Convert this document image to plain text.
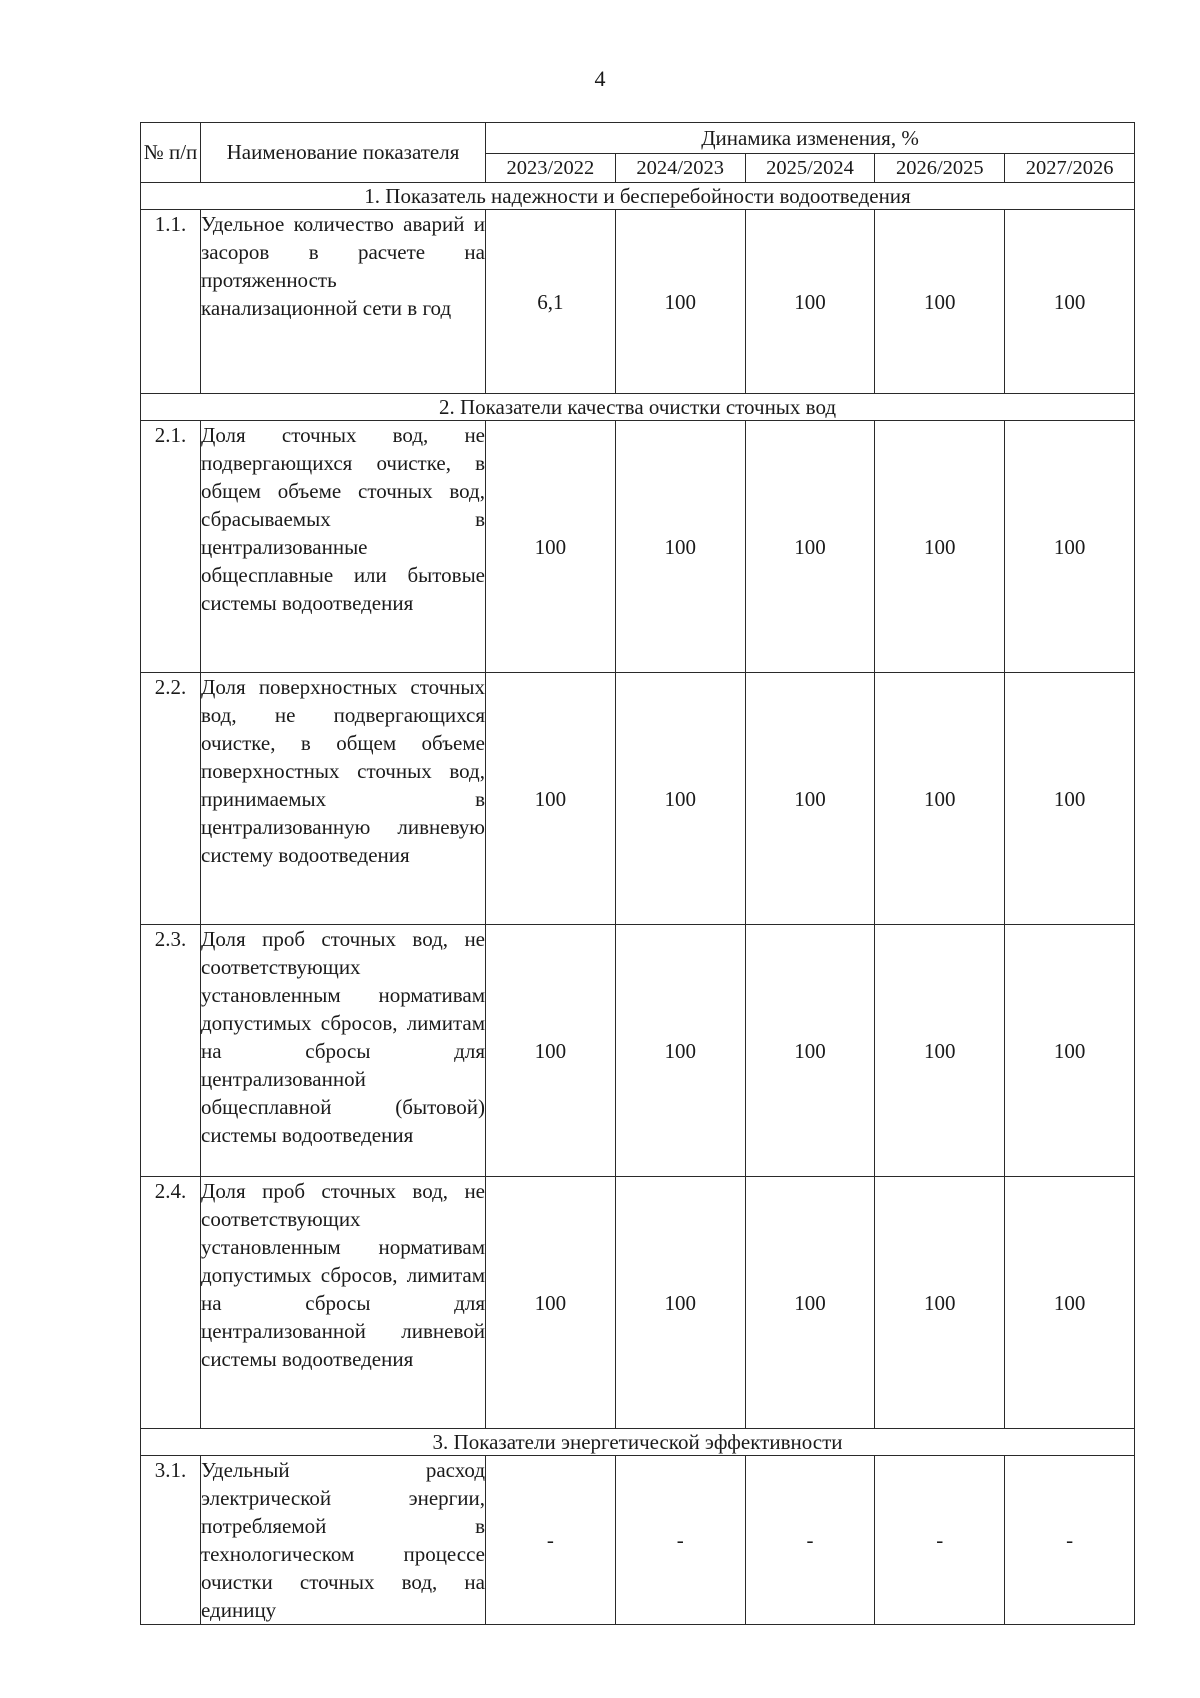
4
№ п/п	Наименование показателя	Динамика изменения, %				
		2023/2022	2024/2023	2025/2024	2026/2025	2027/2026
1. Показатель надежности и бесперебойности водоотведения						
1.1.	Удельное количество аварий и засоров в расчете на протяженность канализационной сети в год	6,1	100	100	100	100
2. Показатели качества очистки сточных вод						
2.1.	Доля сточных вод, не подвергающихся очистке, в общем объеме сточных вод, сбрасываемых в централизованные общесплавные или бытовые системы водоотведения	100	100	100	100	100
2.2.	Доля поверхностных сточных вод, не подвергающихся очистке, в общем объеме поверхностных сточных вод, принимаемых в централизованную ливневую систему водоотведения	100	100	100	100	100
2.3.	Доля проб сточных вод, не соответствующих установленным нормативам допустимых сбросов, лимитам на сбросы для централизованной общесплавной (бытовой) системы водоотведения	100	100	100	100	100
2.4.	Доля проб сточных вод, не соответствующих установленным нормативам допустимых сбросов, лимитам на сбросы для централизованной ливневой системы водоотведения	100	100	100	100	100
3. Показатели энергетической эффективности						
3.1.	Удельный расход электрической энергии, потребляемой в технологическом процессе очистки сточных вод, на единицу	-	-	-	-	-
